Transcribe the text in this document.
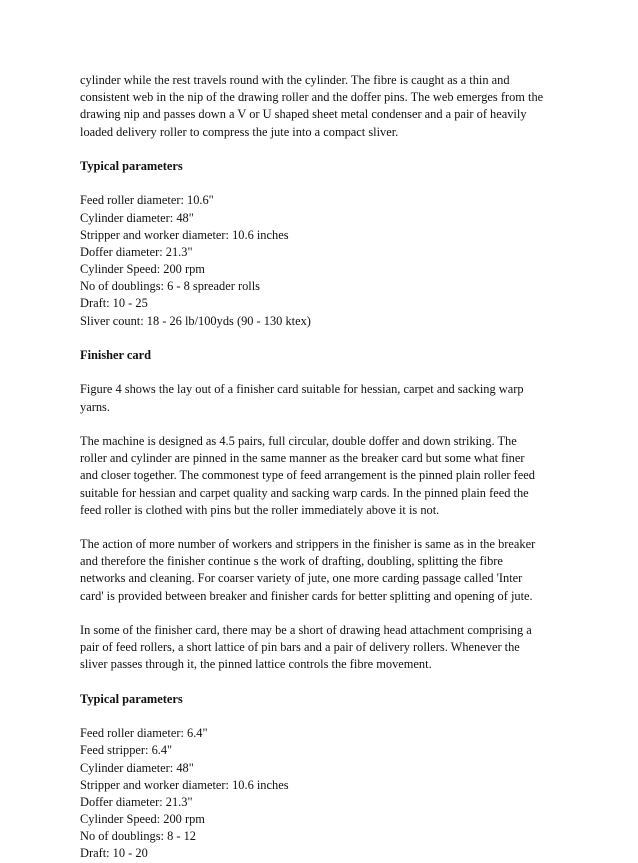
cylinder while the rest travels round with the cylinder. The fibre is caught as a thin and
consistent web in the nip of the drawing roller and the doffer pins. The web emerges from the
drawing nip and passes down a V or U shaped sheet metal condenser and a pair of heavily
loaded delivery roller to compress the jute into a compact sliver.
Typical parameters
Feed roller diameter: 10.6"
Cylinder diameter: 48"
Stripper and worker diameter: 10.6 inches
Doffer diameter: 21.3"
Cylinder Speed: 200 rpm
No of doublings: 6 - 8 spreader rolls
Draft: 10 - 25
Sliver count: 18 - 26 lb/100yds (90 - 130 ktex)
Finisher card
Figure 4 shows the lay out of a finisher card suitable for hessian, carpet and sacking warp
yarns.
The machine is designed as 4.5 pairs, full circular, double doffer and down striking. The
roller and cylinder are pinned in the same manner as the breaker card but some what finer
and closer together. The commonest type of feed arrangement is the pinned plain roller feed
suitable for hessian and carpet quality and sacking warp cards. In the pinned plain feed the
feed roller is clothed with pins but the roller immediately above it is not.
The action of more number of workers and strippers in the finisher is same as in the breaker
and therefore the finisher continue s the work of drafting, doubling, splitting the fibre
networks and cleaning. For coarser variety of jute, one more carding passage called 'Inter
card' is provided between breaker and finisher cards for better splitting and opening of jute.
In some of the finisher card, there may be a short of drawing head attachment comprising a
pair of feed rollers, a short lattice of pin bars and a pair of delivery rollers. Whenever the
sliver passes through it, the pinned lattice controls the fibre movement.
Typical parameters
Feed roller diameter: 6.4"
Feed stripper: 6.4"
Cylinder diameter: 48"
Stripper and worker diameter: 10.6 inches
Doffer diameter: 21.3"
Cylinder Speed: 200 rpm
No of doublings: 8 - 12
Draft: 10 - 20
